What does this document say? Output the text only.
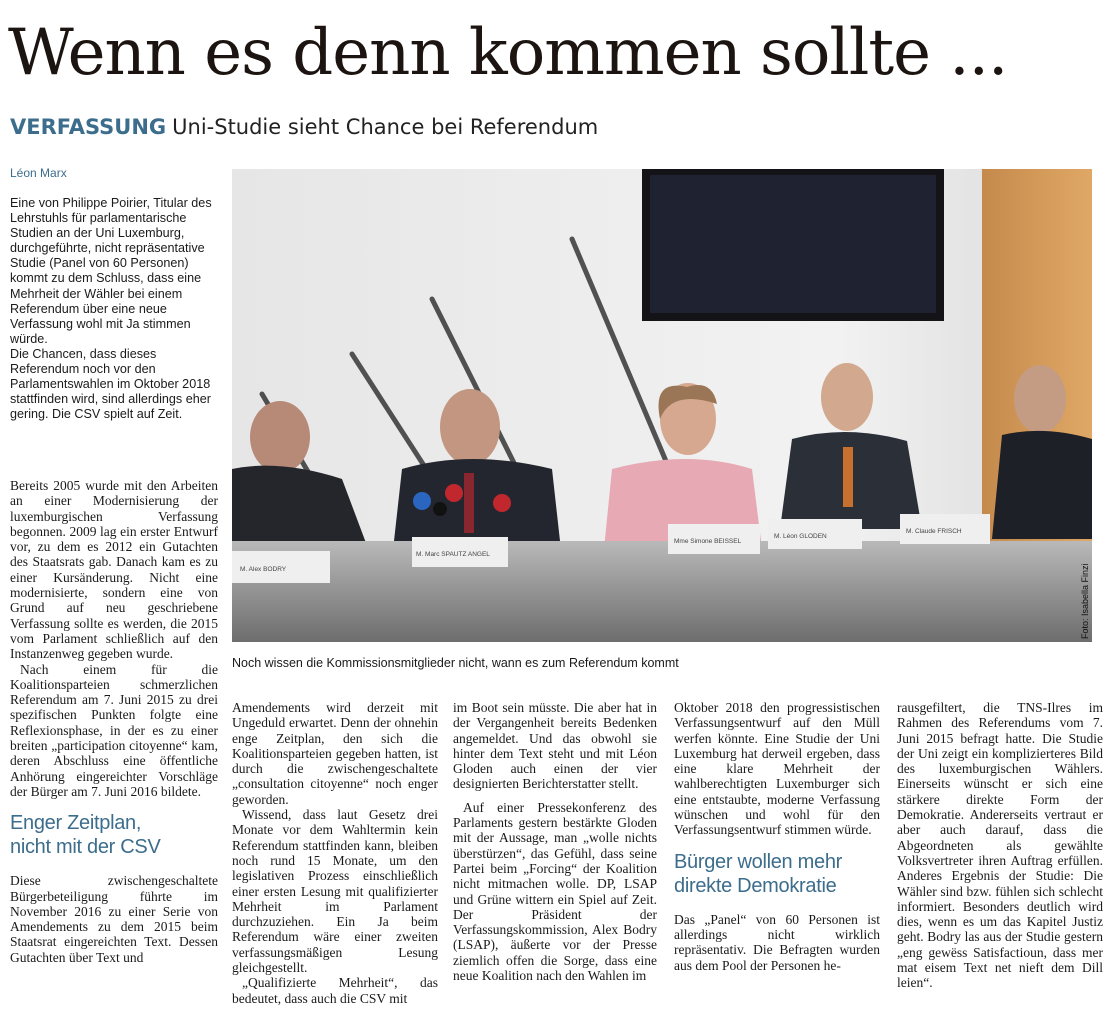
Wenn es denn kommen sollte ...
VERFASSUNG Uni-Studie sieht Chance bei Referendum
Léon Marx

Eine von Philippe Poirier, Titular des Lehrstuhls für parlamentarische Studien an der Uni Luxemburg, durchgeführte, nicht repräsentative Studie (Panel von 60 Personen) kommt zu dem Schluss, dass eine Mehrheit der Wähler bei einem Referendum über eine neue Verfassung wohl mit Ja stimmen würde.

Die Chancen, dass dieses Referendum noch vor den Parlamentswahlen im Oktober 2018 stattfinden wird, sind allerdings eher gering. Die CSV spielt auf Zeit.

M. Alex BODRY
M. Marc SPAUTZ ANGEL
Mme Simone BEISSEL
M. Léon GLODEN
M. Claude FRISCH
Foto: Isabella Finzi
Noch wissen die Kommissionsmitglieder nicht, wann es zum Referendum kommt

Bereits 2005 wurde mit den Arbeiten an einer Modernisierung der luxemburgischen Verfassung begonnen. 2009 lag ein erster Entwurf vor, zu dem es 2012 ein Gutachten des Staatsrats gab. Danach kam es zu einer Kursänderung. Nicht eine modernisierte, sondern eine von Grund auf neu geschriebene Verfassung sollte es werden, die 2015 vom Parlament schließlich auf den Instanzenweg gegeben wurde.

Nach einem für die Koalitionsparteien schmerzlichen Referendum am 7. Juni 2015 zu drei spezifischen Punkten folgte eine Reflexionsphase, in der es zu einer breiten „participation citoyenne“ kam, deren Abschluss eine öffentliche Anhörung eingereichter Vorschläge der Bürger am 7. Juni 2016 bildete.

Enger Zeitplan, nicht mit der CSV

Diese zwischengeschaltete Bürgerbeteiligung führte im November 2016 zu einer Serie von Amendements zu dem 2015 beim Staatsrat eingereichten Text. Dessen Gutachten über Text und

Amendements wird derzeit mit Ungeduld erwartet. Denn der ohnehin enge Zeitplan, den sich die Koalitionsparteien gegeben hatten, ist durch die zwischengeschaltete „consultation citoyenne“ noch enger geworden.

Wissend, dass laut Gesetz drei Monate vor dem Wahltermin kein Referendum stattfinden kann, bleiben noch rund 15 Monate, um den legislativen Prozess einschließlich einer ersten Lesung mit qualifizierter Mehrheit im Parlament durchzuziehen. Ein Ja beim Referendum wäre einer zweiten verfassungsmäßigen Lesung gleichgestellt.

„Qualifizierte Mehrheit“, das bedeutet, dass auch die CSV mit

im Boot sein müsste. Die aber hat in der Vergangenheit bereits Bedenken angemeldet. Und das obwohl sie hinter dem Text steht und mit Léon Gloden auch einen der vier designierten Berichterstatter stellt.

Auf einer Pressekonferenz des Parlaments gestern bestärkte Gloden mit der Aussage, man „wolle nichts überstürzen“, das Gefühl, dass seine Partei beim „Forcing“ der Koalition nicht mitmachen wolle. DP, LSAP und Grüne wittern ein Spiel auf Zeit. Der Präsident der Verfassungskommission, Alex Bodry (LSAP), äußerte vor der Presse ziemlich offen die Sorge, dass eine neue Koalition nach den Wahlen im

Oktober 2018 den progressistischen Verfassungsentwurf auf den Müll werfen könnte. Eine Studie der Uni Luxemburg hat derweil ergeben, dass eine klare Mehrheit der wahlberechtigten Luxemburger sich eine entstaubte, moderne Verfassung wünschen und wohl für den Verfassungsentwurf stimmen würde.

Bürger wollen mehr direkte Demokratie

Das „Panel“ von 60 Personen ist allerdings nicht wirklich repräsentativ. Die Befragten wurden aus dem Pool der Personen he-

rausgefiltert, die TNS-Ilres im Rahmen des Referendums vom 7. Juni 2015 befragt hatte. Die Studie der Uni zeigt ein komplizierteres Bild des luxemburgischen Wählers. Einerseits wünscht er sich eine stärkere direkte Form der Demokratie. Andererseits vertraut er aber auch darauf, dass die Abgeordneten als gewählte Volksvertreter ihren Auftrag erfüllen. Anderes Ergebnis der Studie: Die Wähler sind bzw. fühlen sich schlecht informiert. Besonders deutlich wird dies, wenn es um das Kapitel Justiz geht. Bodry las aus der Studie gestern „eng gewëss Satisfactioun, dass mer mat eisem Text net nieft dem Dill leien“.
